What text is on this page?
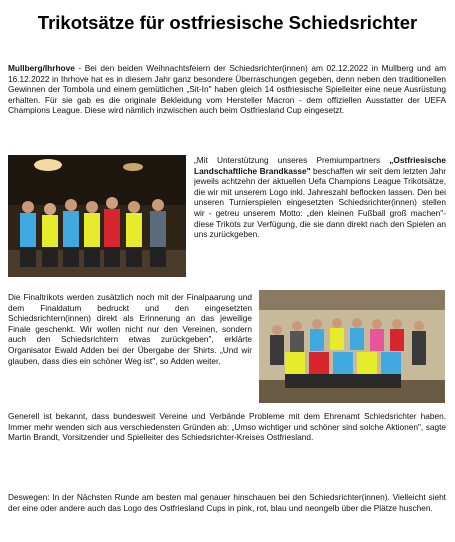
Trikotsätze für ostfriesische Schiedsrichter

Mullberg/Ihrhove - Bei den beiden Weihnachtsfeiern der Schiedsrichter(innen) am 02.12.2022 in Mullberg und am 16.12.2022 in Ihrhove hat es in diesem Jahr ganz besondere Überraschungen gegeben, denn neben den traditionellen Gewinnen der Tombola und einem gemütlichen „Sit-In" haben gleich 14 ostfriesische Spielleiter eine neue Ausrüstung erhalten. Für sie gab es die originale Bekleidung vom Hersteller Macron - dem offiziellen Ausstatter der UEFA Champions League. Diese wird nämlich inzwischen auch beim Ostfriesland Cup eingesetzt.

„Mit Unterstützung unseres Premiumpartners „Ostfriesische Landschaftliche Brandkasse" beschaffen wir seit dem letzten Jahr jeweils achtzehn der aktuellen Uefa Champions League Trikotsätze, die wir mit unserem Logo inkl. Jahreszahl beflocken lassen. Den bei unseren Turnierspielen eingesetzten Schiedsrichter(innen) stellen wir - getreu unserem Motto: „den kleinen Fußball groß machen"- diese Trikots zur Verfügung, die sie dann direkt nach den Spielen an uns zurückgeben.

Die Finaltrikots werden zusätzlich noch mit der Finalpaarung und dem Finaldatum bedruckt und den eingesetzten Schiedsrichtern(innen) direkt als Erinnerung an das jeweilige Finale geschenkt. Wir wollen nicht nur den Vereinen, sondern auch den Schiedsrichtern etwas zurückgeben", erklärte Organisator Ewald Adden bei der Übergabe der Shirts. „Und wir glauben, dass dies ein schöner Weg ist", so Adden weiter.

Generell ist bekannt, dass bundesweit Vereine und Verbände Probleme mit dem Ehrenamt Schiedsrichter haben. Immer mehr wenden sich aus verschiedensten Gründen ab: „Umso wichtiger und schöner sind solche Aktionen", sagte Martin Brandt, Vorsitzender und Spielleiter des Schiedsrichter-Kreises Ostfriesland.

Deswegen: In der Nächsten Runde am besten mal genauer hinschauen bei den Schiedsrichter(innen). Vielleicht sieht der eine oder andere auch das Logo des Ostfriesland Cups in pink, rot, blau und neongelb über die Plätze huschen.
